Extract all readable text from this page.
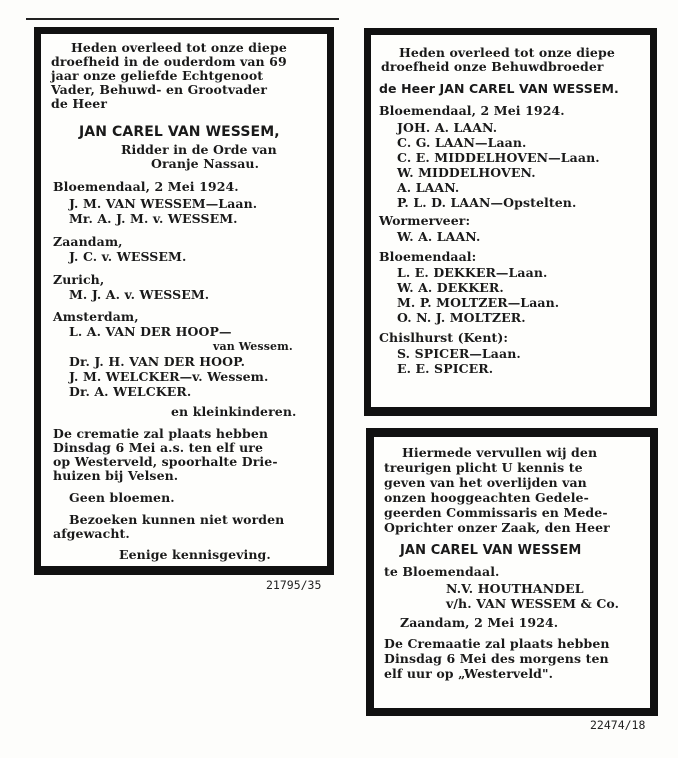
Heden overleed tot onze diepe
droefheid in de ouderdom van 69
jaar onze geliefde Echtgenoot
Vader, Behuwd- en Grootvader
de Heer
JAN CAREL VAN WESSEM,
Ridder in de Orde van
Oranje Nassau.
Bloemendaal, 2 Mei 1924.
J. M. VAN WESSEM—Laan.
Mr. A. J. M. v. WESSEM.
Zaandam,
J. C. v. WESSEM.
Zurich,
M. J. A. v. WESSEM.
Amsterdam,
L. A. VAN DER HOOP—
van Wessem.
Dr. J. H. VAN DER HOOP.
J. M. WELCKER—v. Wessem.
Dr. A. WELCKER.
en kleinkinderen.
De crematie zal plaats hebben
Dinsdag 6 Mei a.s. ten elf ure
op Westerveld, spoorhalte Drie-
huizen bij Velsen.
Geen bloemen.
Bezoeken kunnen niet worden
afgewacht.
Eenige kennisgeving.
21795/35
Heden overleed tot onze diepe
droefheid onze Behuwdbroeder
de Heer JAN CAREL VAN WESSEM.
Bloemendaal, 2 Mei 1924.
JOH. A. LAAN.
C. G. LAAN—Laan.
C. E. MIDDELHOVEN—Laan.
W. MIDDELHOVEN.
A. LAAN.
P. L. D. LAAN—Opstelten.
Wormerveer:
W. A. LAAN.
Bloemendaal:
L. E. DEKKER—Laan.
W. A. DEKKER.
M. P. MOLTZER—Laan.
O. N. J. MOLTZER.
Chislhurst (Kent):
S. SPICER—Laan.
E. E. SPICER.
Hiermede vervullen wij den
treurigen plicht U kennis te
geven van het overlijden van
onzen hooggeachten Gedele-
geerden Commissaris en Mede-
Oprichter onzer Zaak, den Heer
JAN CAREL VAN WESSEM
te Bloemendaal.
N.V. HOUTHANDEL
v/h. VAN WESSEM & Co.
Zaandam, 2 Mei 1924.
De Cremaatie zal plaats hebben
Dinsdag 6 Mei des morgens ten
elf uur op „Westerveld".
22474/18
